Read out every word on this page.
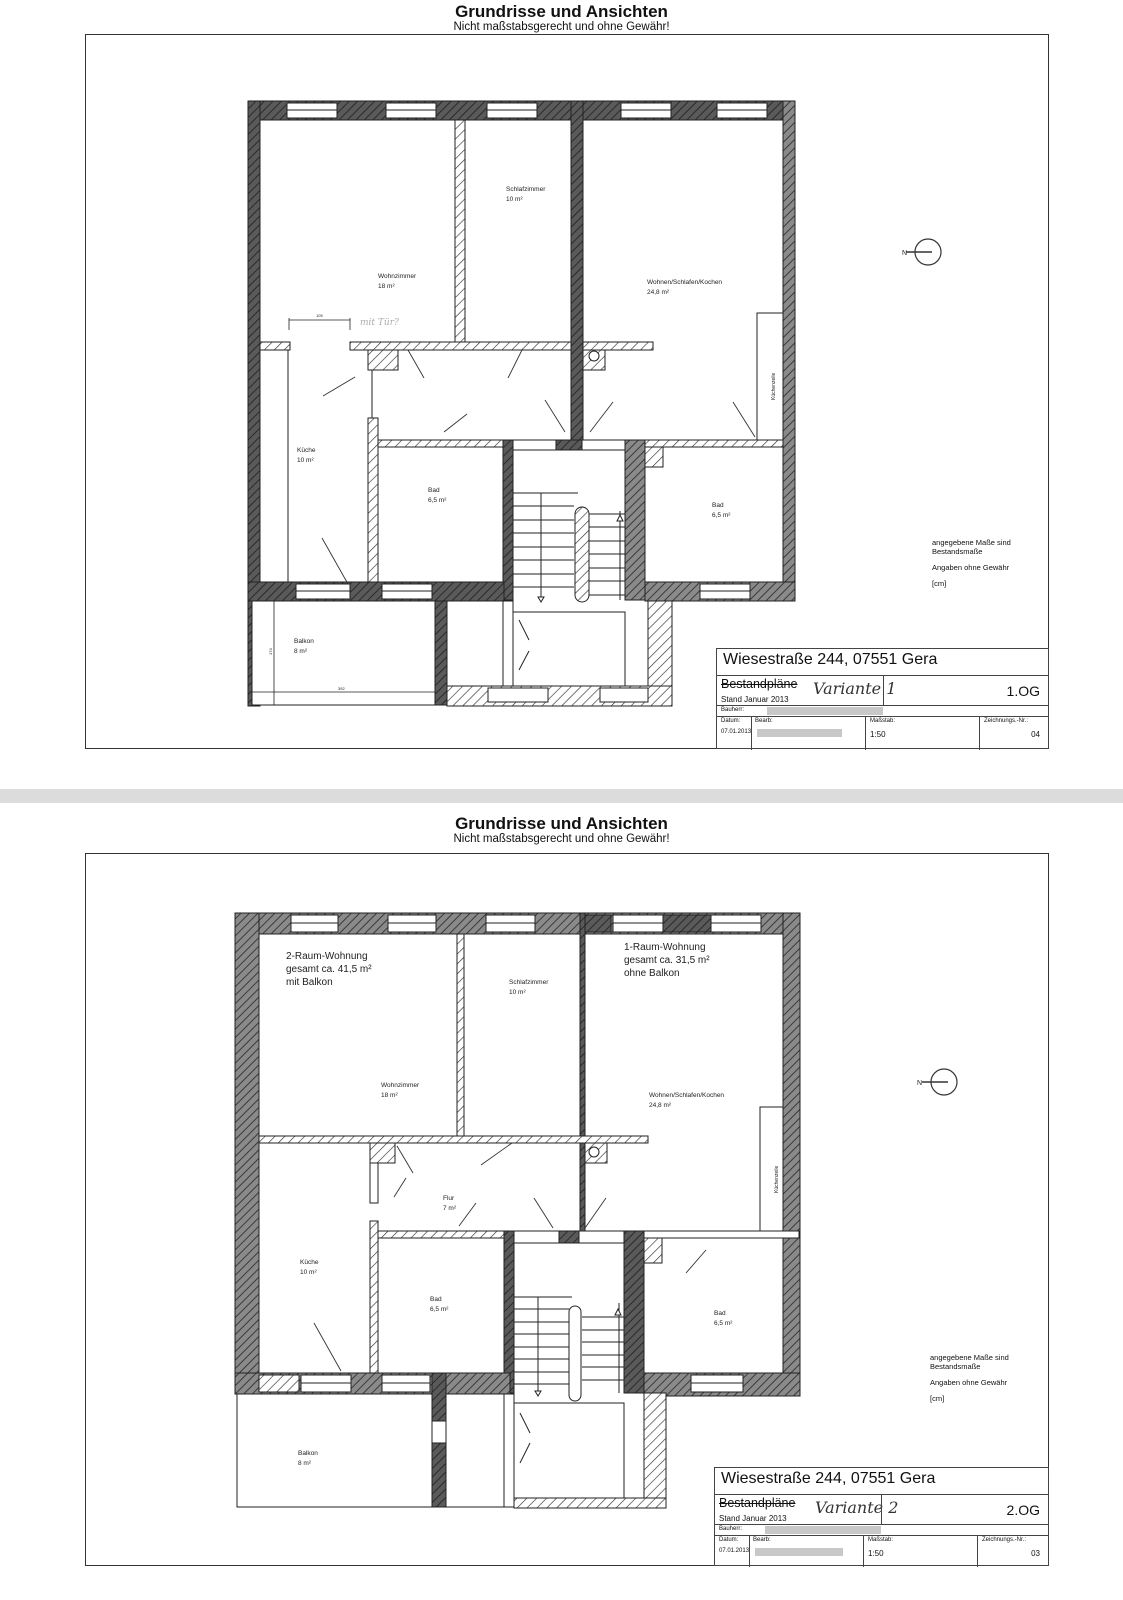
Grundrisse und Ansichten
Nicht maßstabsgerecht und ohne Gewähr!
Küchenzeile
392
174
105
mit Tür?
Schlafzimmer
10 m²
Wohnzimmer
18 m²
Wohnen/Schlafen/Kochen
24,8 m²
Küche
10 m²
Bad
6,5 m²
Bad
6,5 m²
Balkon
8 m²
N
angegebene Maße sind
Bestandsmaße
Angaben ohne Gewähr
[cm]
Wiesestraße 244, 07551 Gera
Bestandpläne
Stand Januar 2013
Variante 1	1.OG
Bauherr:
Datum:
07.01.2013
Bearb:	Maßstab:
1:50
Zeichnungs.-Nr.:
04
Grundrisse und Ansichten
Nicht maßstabsgerecht und ohne Gewähr!
Küchenzeile
2-Raum-Wohnung
gesamt ca. 41,5 m²
mit Balkon
1-Raum-Wohnung
gesamt ca. 31,5 m²
ohne Balkon
Schlafzimmer
10 m²
Wohnzimmer
18 m²	Wohnen/Schlafen/Kochen
24,8 m²
Flur
7 m²
Küche
10 m²
Bad
6,5 m²
Bad
6,5 m²
Balkon
8 m²
N
angegebene Maße sind
Bestandsmaße
Angaben ohne Gewähr
[cm]
Wiesestraße 244, 07551 Gera
Bestandpläne
Stand Januar 2013
Variante 2	2.OG
Bauherr:
Datum:
07.01.2013
Bearb:	Maßstab:
1:50
Zeichnungs.-Nr.:
03
